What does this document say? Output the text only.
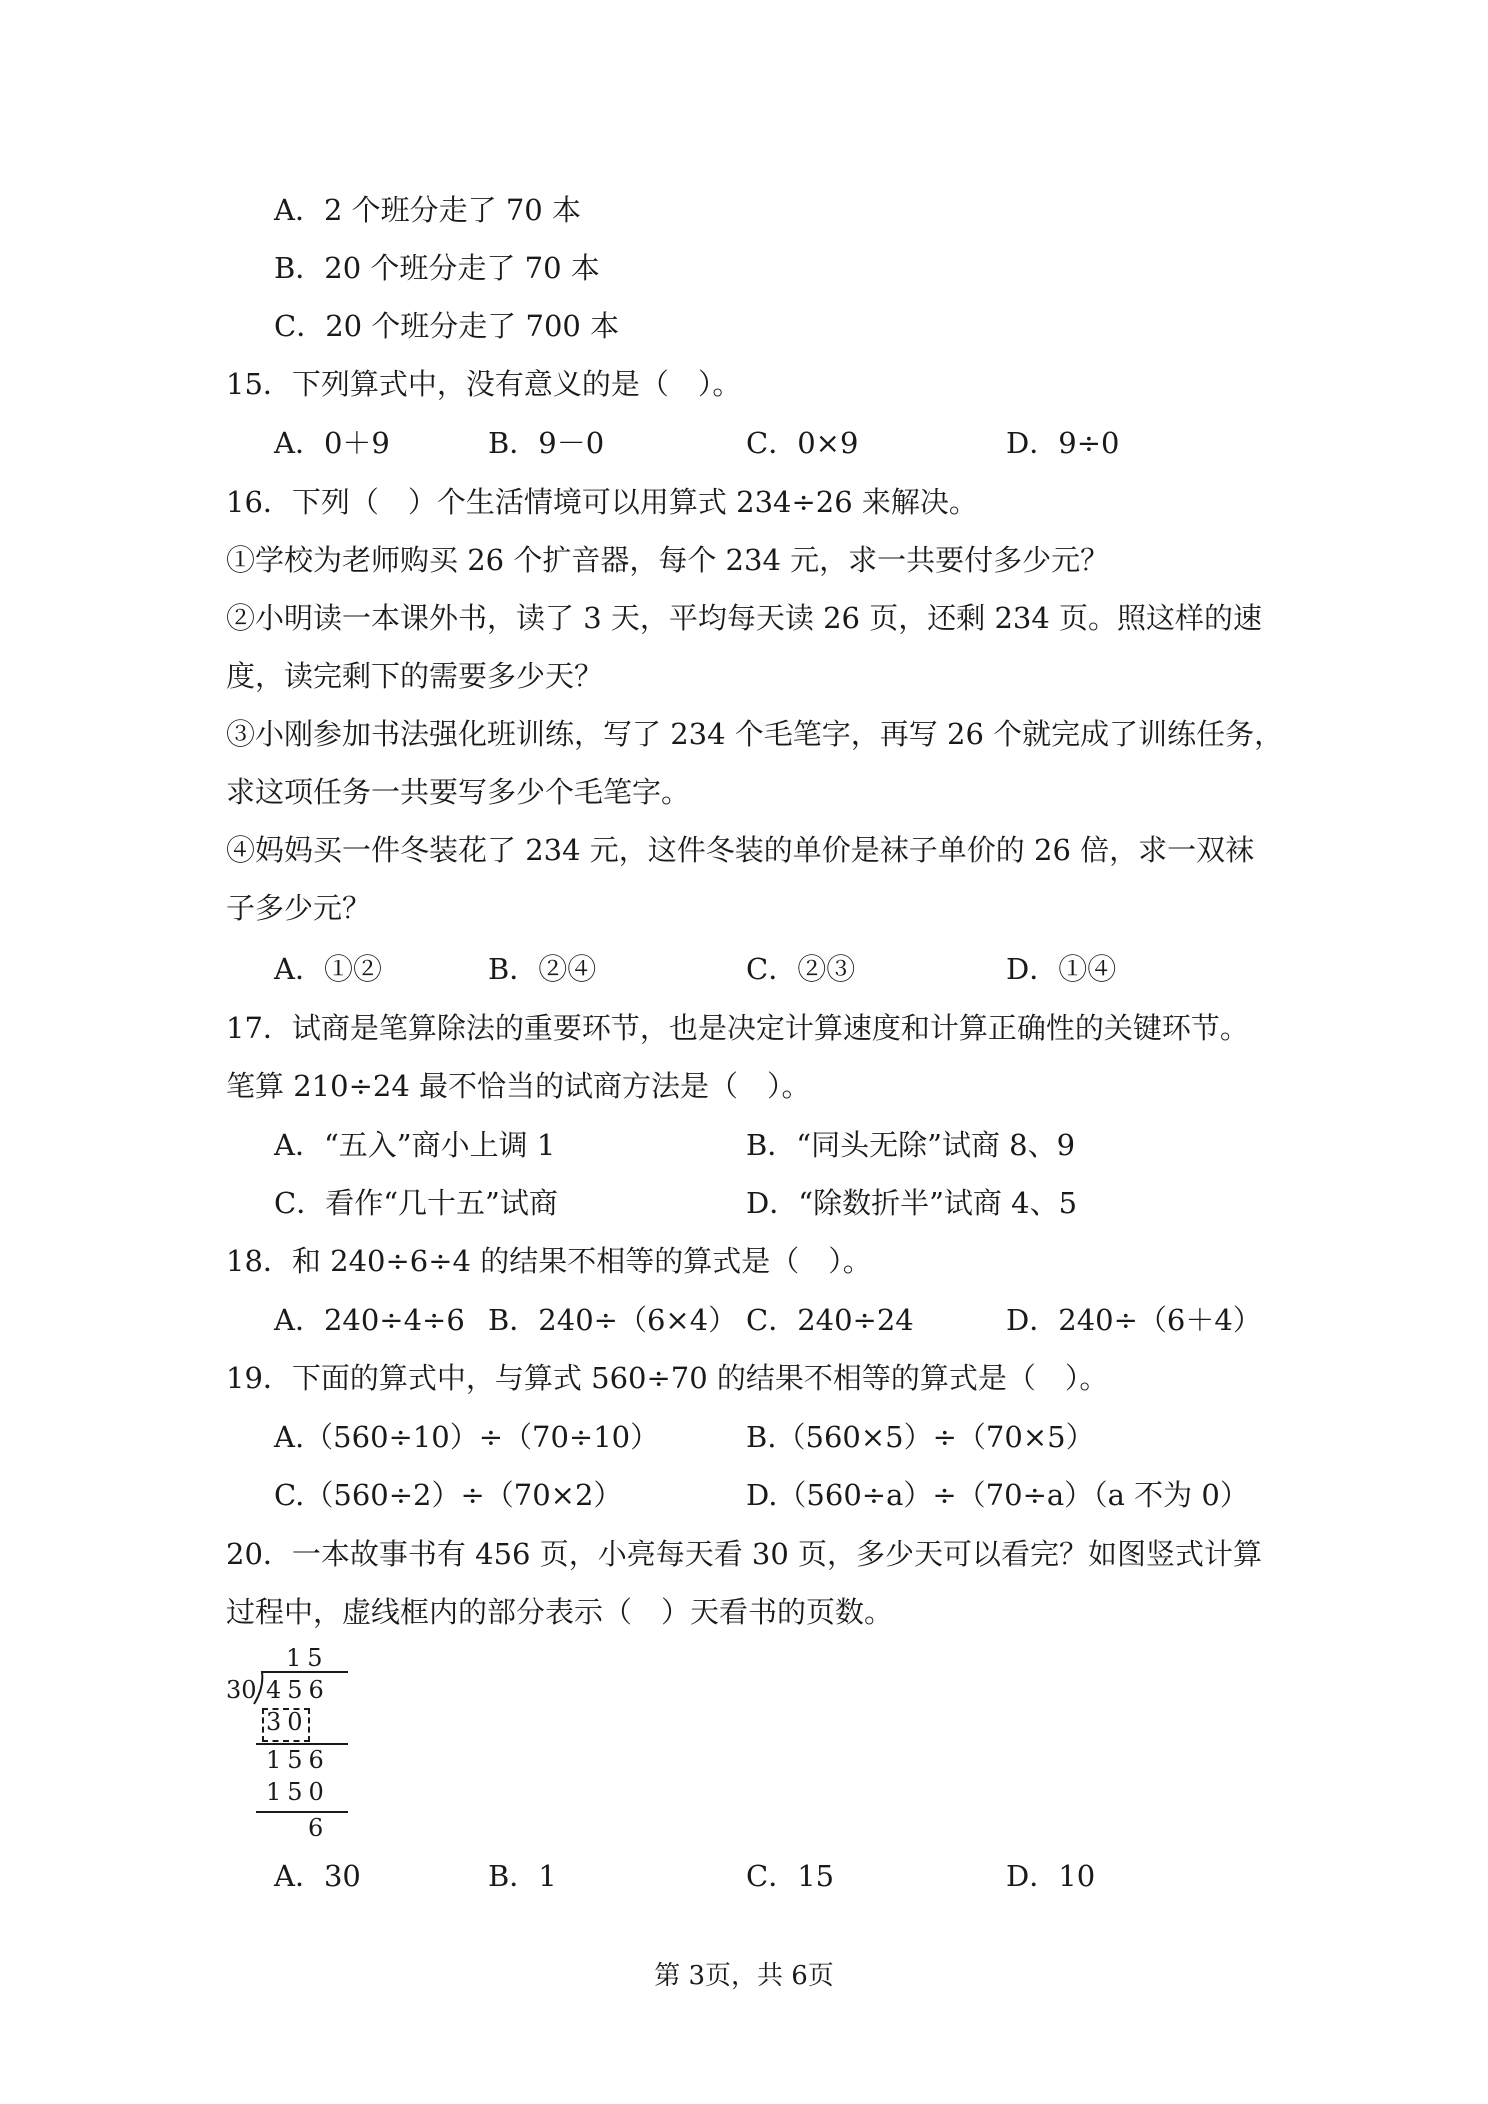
A．2 个班分走了 70 本
B．20 个班分走了 70 本
C．20 个班分走了 700 本
15．下列算式中，没有意义的是（　）。
A．0＋9	B．9－0	C．0×9	D．9÷0
16．下列（　）个生活情境可以用算式 234÷26 来解决。
①学校为老师购买 26 个扩音器，每个 234 元，求一共要付多少元？
②小明读一本课外书，读了 3 天，平均每天读 26 页，还剩 234 页。照这样的速
度，读完剩下的需要多少天？
③小刚参加书法强化班训练，写了 234 个毛笔字，再写 26 个就完成了训练任务，
求这项任务一共要写多少个毛笔字。
④妈妈买一件冬装花了 234 元，这件冬装的单价是袜子单价的 26 倍，求一双袜
子多少元？
A．①②	B．②④	C．②③	D．①④
17．试商是笔算除法的重要环节，也是决定计算速度和计算正确性的关键环节。
笔算 210÷24 最不恰当的试商方法是（　）。
A．“五入”商小上调 1	B．“同头无除”试商 8、9
C．看作“几十五”试商	D．“除数折半”试商 4、5
18．和 240÷6÷4 的结果不相等的算式是（　）。
A．240÷4÷6 B．240÷（6×4） C．240÷24	D．240÷（6＋4）
19．下面的算式中，与算式 560÷70 的结果不相等的算式是（　）。
A.（560÷10）÷（70÷10）	B.（560×5）÷（70×5）
C.（560÷2）÷（70×2）	D.（560÷a）÷（70÷a）（a 不为 0）
20．一本故事书有 456 页，小亮每天看 30 页，多少天可以看完？如图竖式计算
过程中，虚线框内的部分表示（　）天看书的页数。
15
30 456
30
156
150
6
A．30	B．1	C．15	D．10
第 3页，共 6页
